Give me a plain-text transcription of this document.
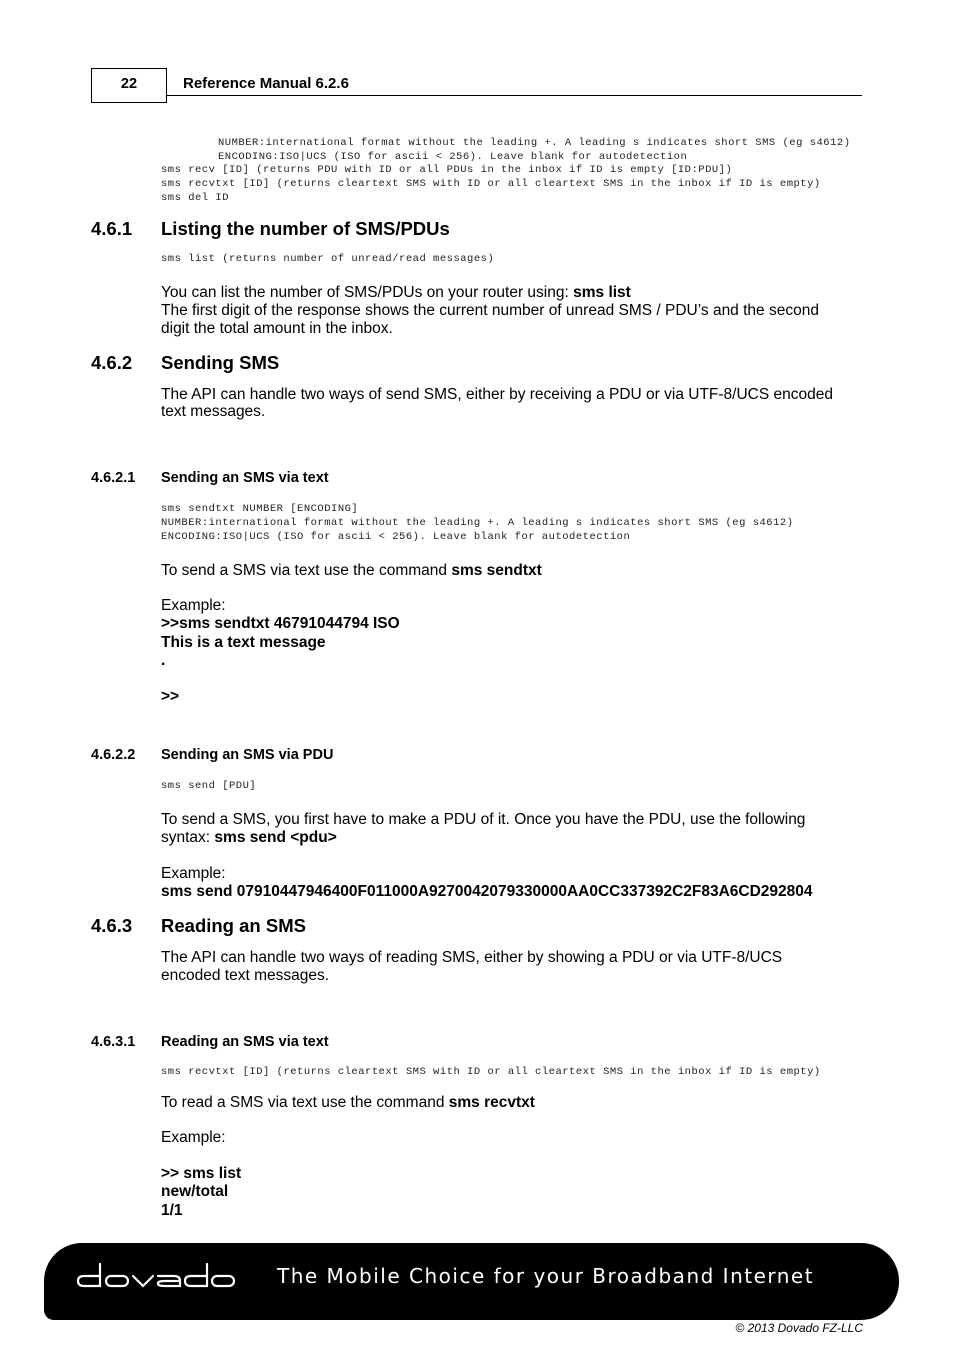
22	Reference Manual 6.2.6
NUMBER:international format without the leading +. A leading s indicates short SMS (eg s4612)
ENCODING:ISO|UCS (ISO for ascii < 256). Leave blank for autodetection
sms recv [ID] (returns PDU with ID or all PDUs in the inbox if ID is empty [ID:PDU])
sms recvtxt [ID] (returns cleartext SMS with ID or all cleartext SMS in the inbox if ID is empty)
sms del ID
4.6.1 Listing the number of SMS/PDUs
sms list (returns number of unread/read messages)
You can list the number of SMS/PDUs on your router using: sms list
The first digit of the response shows the current number of unread SMS / PDU’s and the second
digit the total amount in the inbox.
4.6.2 Sending SMS
The API can handle two ways of send SMS, either by receiving a PDU or via UTF-8/UCS encoded
text messages.
4.6.2.1 Sending an SMS via text
sms sendtxt NUMBER [ENCODING]
NUMBER:international format without the leading +. A leading s indicates short SMS (eg s4612)
ENCODING:ISO|UCS (ISO for ascii < 256). Leave blank for autodetection
To send a SMS via text use the command sms sendtxt
Example:
>>sms sendtxt 46791044794 ISO
This is a text message
.
>>
4.6.2.2 Sending an SMS via PDU
sms send [PDU]
To send a SMS, you first have to make a PDU of it. Once you have the PDU, use the following
syntax: sms send <pdu>
Example:
sms send 07910447946400F011000A9270042079330000AA0CC337392C2F83A6CD292804
4.6.3 Reading an SMS
The API can handle two ways of reading SMS, either by showing a PDU or via UTF-8/UCS
encoded text messages.
4.6.3.1 Reading an SMS via text
sms recvtxt [ID] (returns cleartext SMS with ID or all cleartext SMS in the inbox if ID is empty)
To read a SMS via text use the command sms recvtxt
Example:
>> sms list
new/total
1/1
The Mobile Choice for your Broadband Internet
© 2013 Dovado FZ-LLC
